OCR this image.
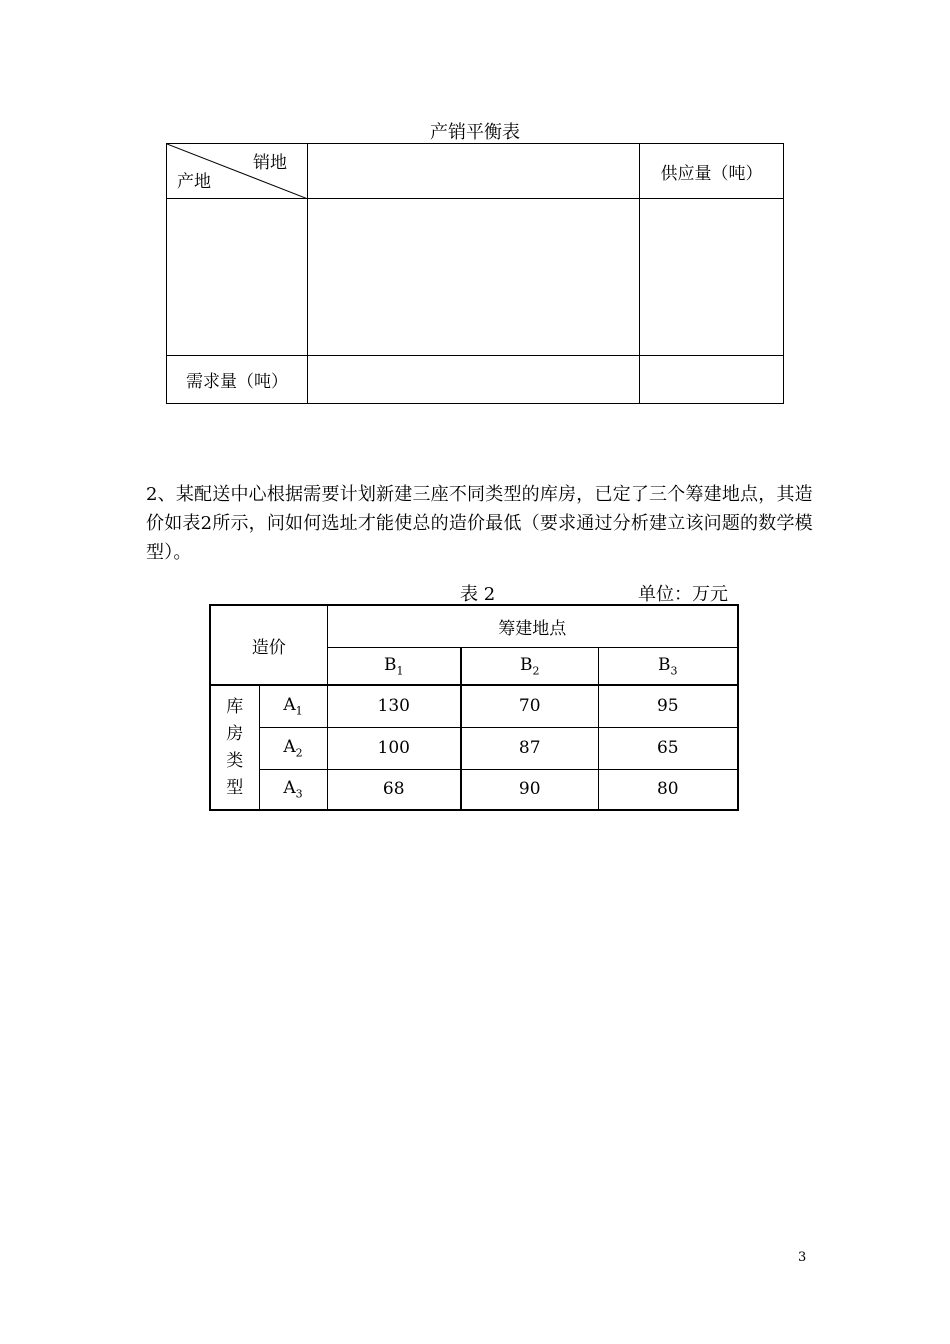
产销平衡表
销地
产地		供应量（吨）

需求量（吨）		
2、某配送中心根据需要计划新建三座不同类型的库房，已定了三个筹建地点，其造价如表2所示，问如何选址才能使总的造价最低（要求通过分析建立该问题的数学模型）。
表 2	单位：万元
造价		筹建地点		
		$B_1$	$B_2$	$B_3$

库
房
类
型	$A_1$	130	70	95
	$A_2$	100	87	65
	$A_3$	68	90	80
3
